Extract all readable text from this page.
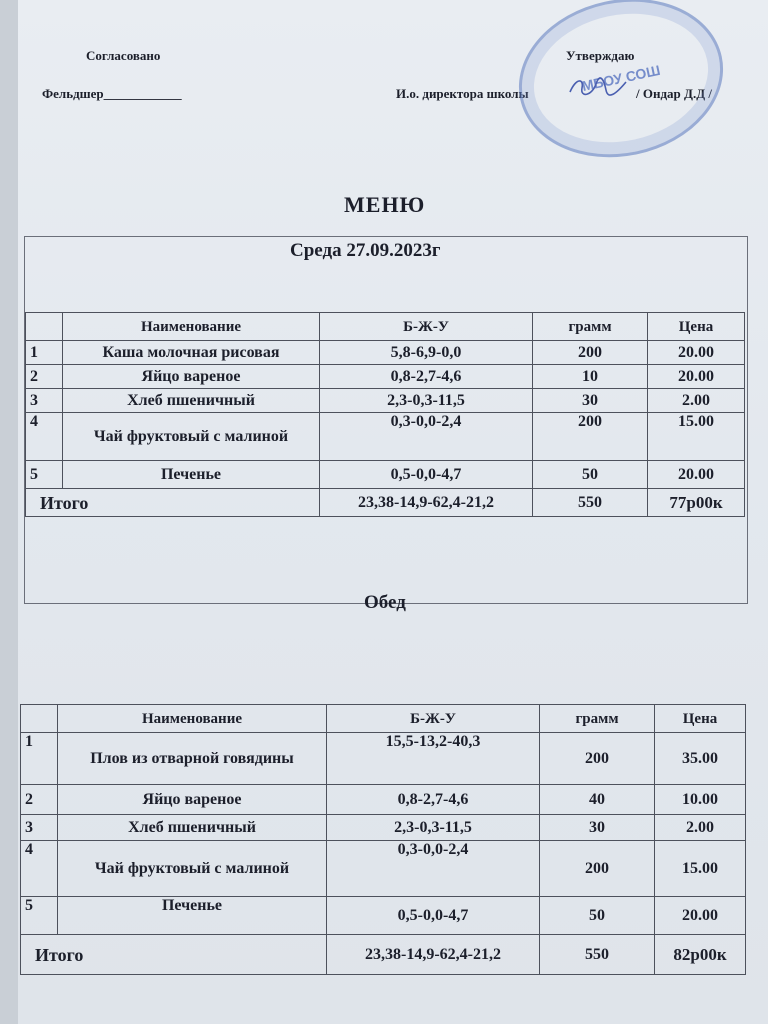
Согласовано
Фельдшер____________
Утверждаю
И.о. директора школы	/ Ондар Д.Д /
МБОУ СОШ
МЕНЮ
Среда 27.09.2023г
	Наименование	Б-Ж-У	грамм	Цена
1	Каша молочная рисовая	5,8-6,9-0,0	200	20.00
2	Яйцо вареное	0,8-2,7-4,6	10	20.00
3	Хлеб пшеничный	2,3-0,3-11,5	30	2.00
4	Чай фруктовый с малиной	0,3-0,0-2,4	200	15.00
5	Печенье	0,5-0,0-4,7	50	20.00
Итого		23,38-14,9-62,4-21,2	550	77р00к
Обед
	Наименование	Б-Ж-У	грамм	Цена
1	Плов из отварной говядины	15,5-13,2-40,3	200	35.00
2	Яйцо вареное	0,8-2,7-4,6	40	10.00
3	Хлеб пшеничный	2,3-0,3-11,5	30	2.00
4	Чай фруктовый с малиной	0,3-0,0-2,4	200	15.00
5	Печенье	0,5-0,0-4,7	50	20.00
Итого		23,38-14,9-62,4-21,2	550	82р00к
